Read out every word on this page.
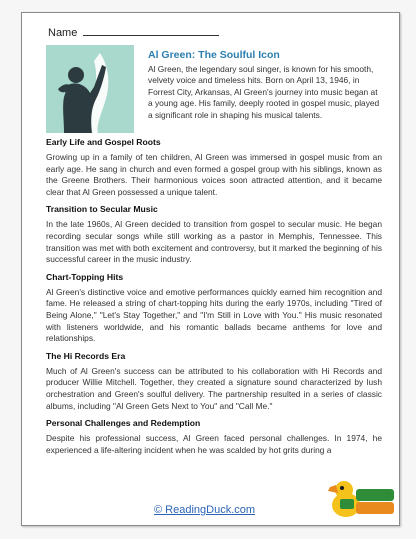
Name
Al Green: The Soulful Icon
Al Green, the legendary soul singer, is known for his smooth, velvety voice and timeless hits. Born on April 13, 1946, in Forrest City, Arkansas, Al Green's journey into music began at a young age. His family, deeply rooted in gospel music, played a significant role in shaping his musical talents.
Early Life and Gospel Roots
Growing up in a family of ten children, Al Green was immersed in gospel music from an early age. He sang in church and even formed a gospel group with his siblings, known as the Greene Brothers. Their harmonious voices soon attracted attention, and it became clear that Al Green possessed a unique talent.
Transition to Secular Music
In the late 1960s, Al Green decided to transition from gospel to secular music. He began recording secular songs while still working as a pastor in Memphis, Tennessee. This transition was met with both excitement and controversy, but it marked the beginning of his successful career in the music industry.
Chart-Topping Hits
Al Green's distinctive voice and emotive performances quickly earned him recognition and fame. He released a string of chart-topping hits during the early 1970s, including "Tired of Being Alone," "Let's Stay Together," and "I'm Still in Love with You." His music resonated with listeners worldwide, and his romantic ballads became anthems for love and relationships.
The Hi Records Era
Much of Al Green's success can be attributed to his collaboration with Hi Records and producer Willie Mitchell. Together, they created a signature sound characterized by lush orchestration and Green's soulful delivery. The partnership resulted in a series of classic albums, including "Al Green Gets Next to You" and "Call Me."
Personal Challenges and Redemption
Despite his professional success, Al Green faced personal challenges. In 1974, he experienced a life-altering incident when he was scalded by hot grits during a
© ReadingDuck.com
